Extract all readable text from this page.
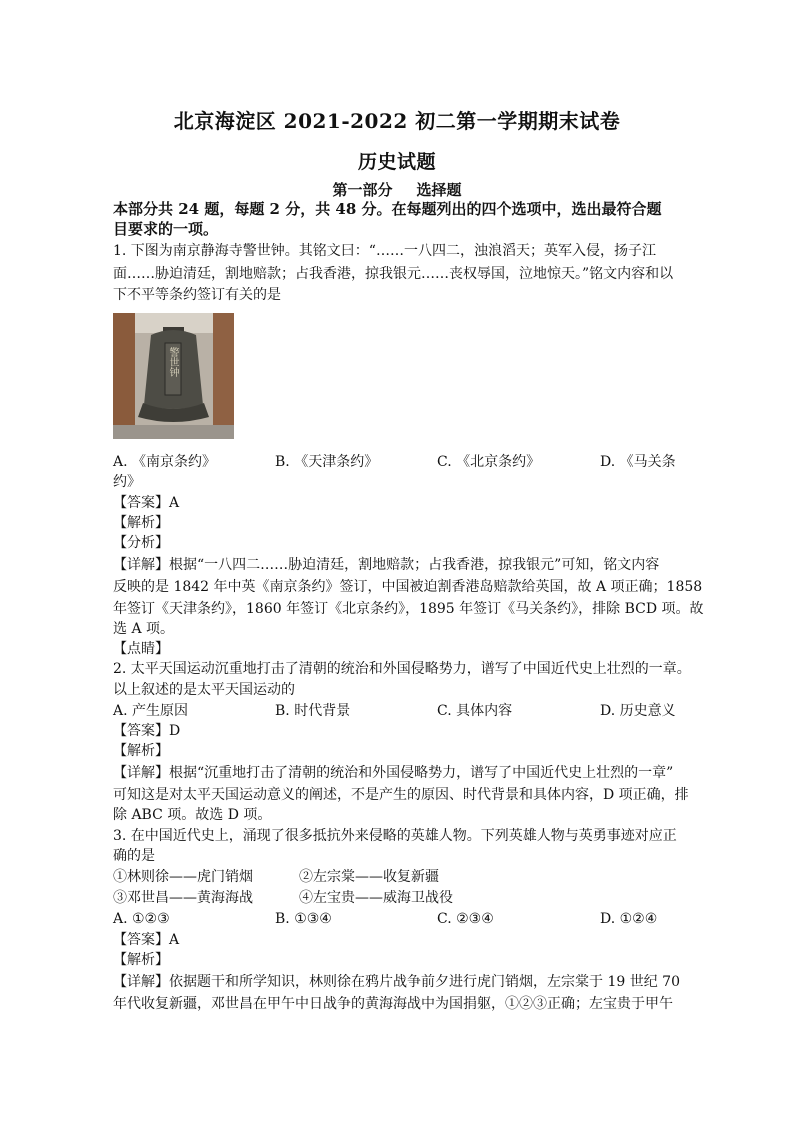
北京海淀区 2021-2022 初二第一学期期末试卷
历史试题
第一部分 选择题
本部分共 24 题，每题 2 分，共 48 分。在每题列出的四个选项中，选出最符合题
目要求的一项。
1. 下图为南京静海寺警世钟。其铭文曰：“……一八四二，浊浪滔天；英军入侵，扬子江
面……胁迫清廷，割地赔款；占我香港，掠我银元……丧权辱国，泣地惊天。”铭文内容和以
下不平等条约签订有关的是
警世钟
A. 《南京条约》	B. 《天津条约》	C. 《北京条约》	D. 《马关条
约》
【答案】A
【解析】
【分析】
【详解】根据“一八四二……胁迫清廷，割地赔款；占我香港，掠我银元”可知，铭文内容
反映的是 1842 年中英《南京条约》签订，中国被迫割香港岛赔款给英国，故 A 项正确；1858
年签订《天津条约》，1860 年签订《北京条约》，1895 年签订《马关条约》，排除 BCD 项。故
选 A 项。
【点睛】
2. 太平天国运动沉重地打击了清朝的统治和外国侵略势力，谱写了中国近代史上壮烈的一章。
以上叙述的是太平天国运动的
A. 产生原因	B. 时代背景	C. 具体内容	D. 历史意义
【答案】D
【解析】
【详解】根据“沉重地打击了清朝的统治和外国侵略势力，谱写了中国近代史上壮烈的一章”
可知这是对太平天国运动意义的阐述，不是产生的原因、时代背景和具体内容，D 项正确，排
除 ABC 项。故选 D 项。
3. 在中国近代史上，涌现了很多抵抗外来侵略的英雄人物。下列英雄人物与英勇事迹对应正
确的是
①林则徐——虎门销烟	②左宗棠——收复新疆
③邓世昌——黄海海战	④左宝贵——威海卫战役
A. ①②③	B. ①③④	C. ②③④	D. ①②④
【答案】A
【解析】
【详解】依据题干和所学知识，林则徐在鸦片战争前夕进行虎门销烟，左宗棠于 19 世纪 70
年代收复新疆，邓世昌在甲午中日战争的黄海海战中为国捐躯，①②③正确；左宝贵于甲午
